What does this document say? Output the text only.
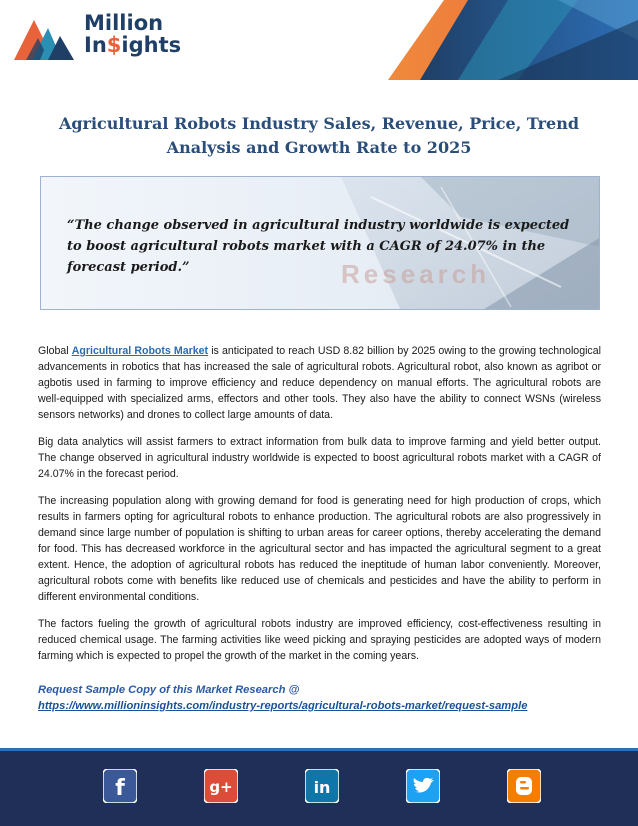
Million
In$ights
Agricultural Robots Industry Sales, Revenue, Price, Trend Analysis and Growth Rate to 2025
Research
“The change observed in agricultural industry worldwide is expected to boost agricultural robots market with a CAGR of 24.07% in the forecast period.”

Global Agricultural Robots Market is anticipated to reach USD 8.82 billion by 2025 owing to the growing technological advancements in robotics that has increased the sale of agricultural robots. Agricultural robot, also known as agribot or agbotis used in farming to improve efficiency and reduce dependency on manual efforts. The agricultural robots are well-equipped with specialized arms, effectors and other tools. They also have the ability to connect WSNs (wireless sensors networks) and drones to collect large amounts of data.

Big data analytics will assist farmers to extract information from bulk data to improve farming and yield better output. The change observed in agricultural industry worldwide is expected to boost agricultural robots market with a CAGR of 24.07% in the forecast period.

The increasing population along with growing demand for food is generating need for high production of crops, which results in farmers opting for agricultural robots to enhance production. The agricultural robots are also progressively in demand since large number of population is shifting to urban areas for career options, thereby accelerating the demand for food. This has decreased workforce in the agricultural sector and has impacted the agricultural segment to a great extent. Hence, the adoption of agricultural robots has reduced the ineptitude of human labor conveniently. Moreover, agricultural robots come with benefits like reduced use of chemicals and pesticides and have the ability to perform in different environmental conditions.

The factors fueling the growth of agricultural robots industry are improved efficiency, cost-effectiveness resulting in reduced chemical usage. The farming activities like weed picking and spraying pesticides are adopted ways of modern farming which is expected to propel the growth of the market in the coming years.

Request Sample Copy of this Market Research @
https://www.millioninsights.com/industry-reports/agricultural-robots-market/request-sample
f	g+	in
